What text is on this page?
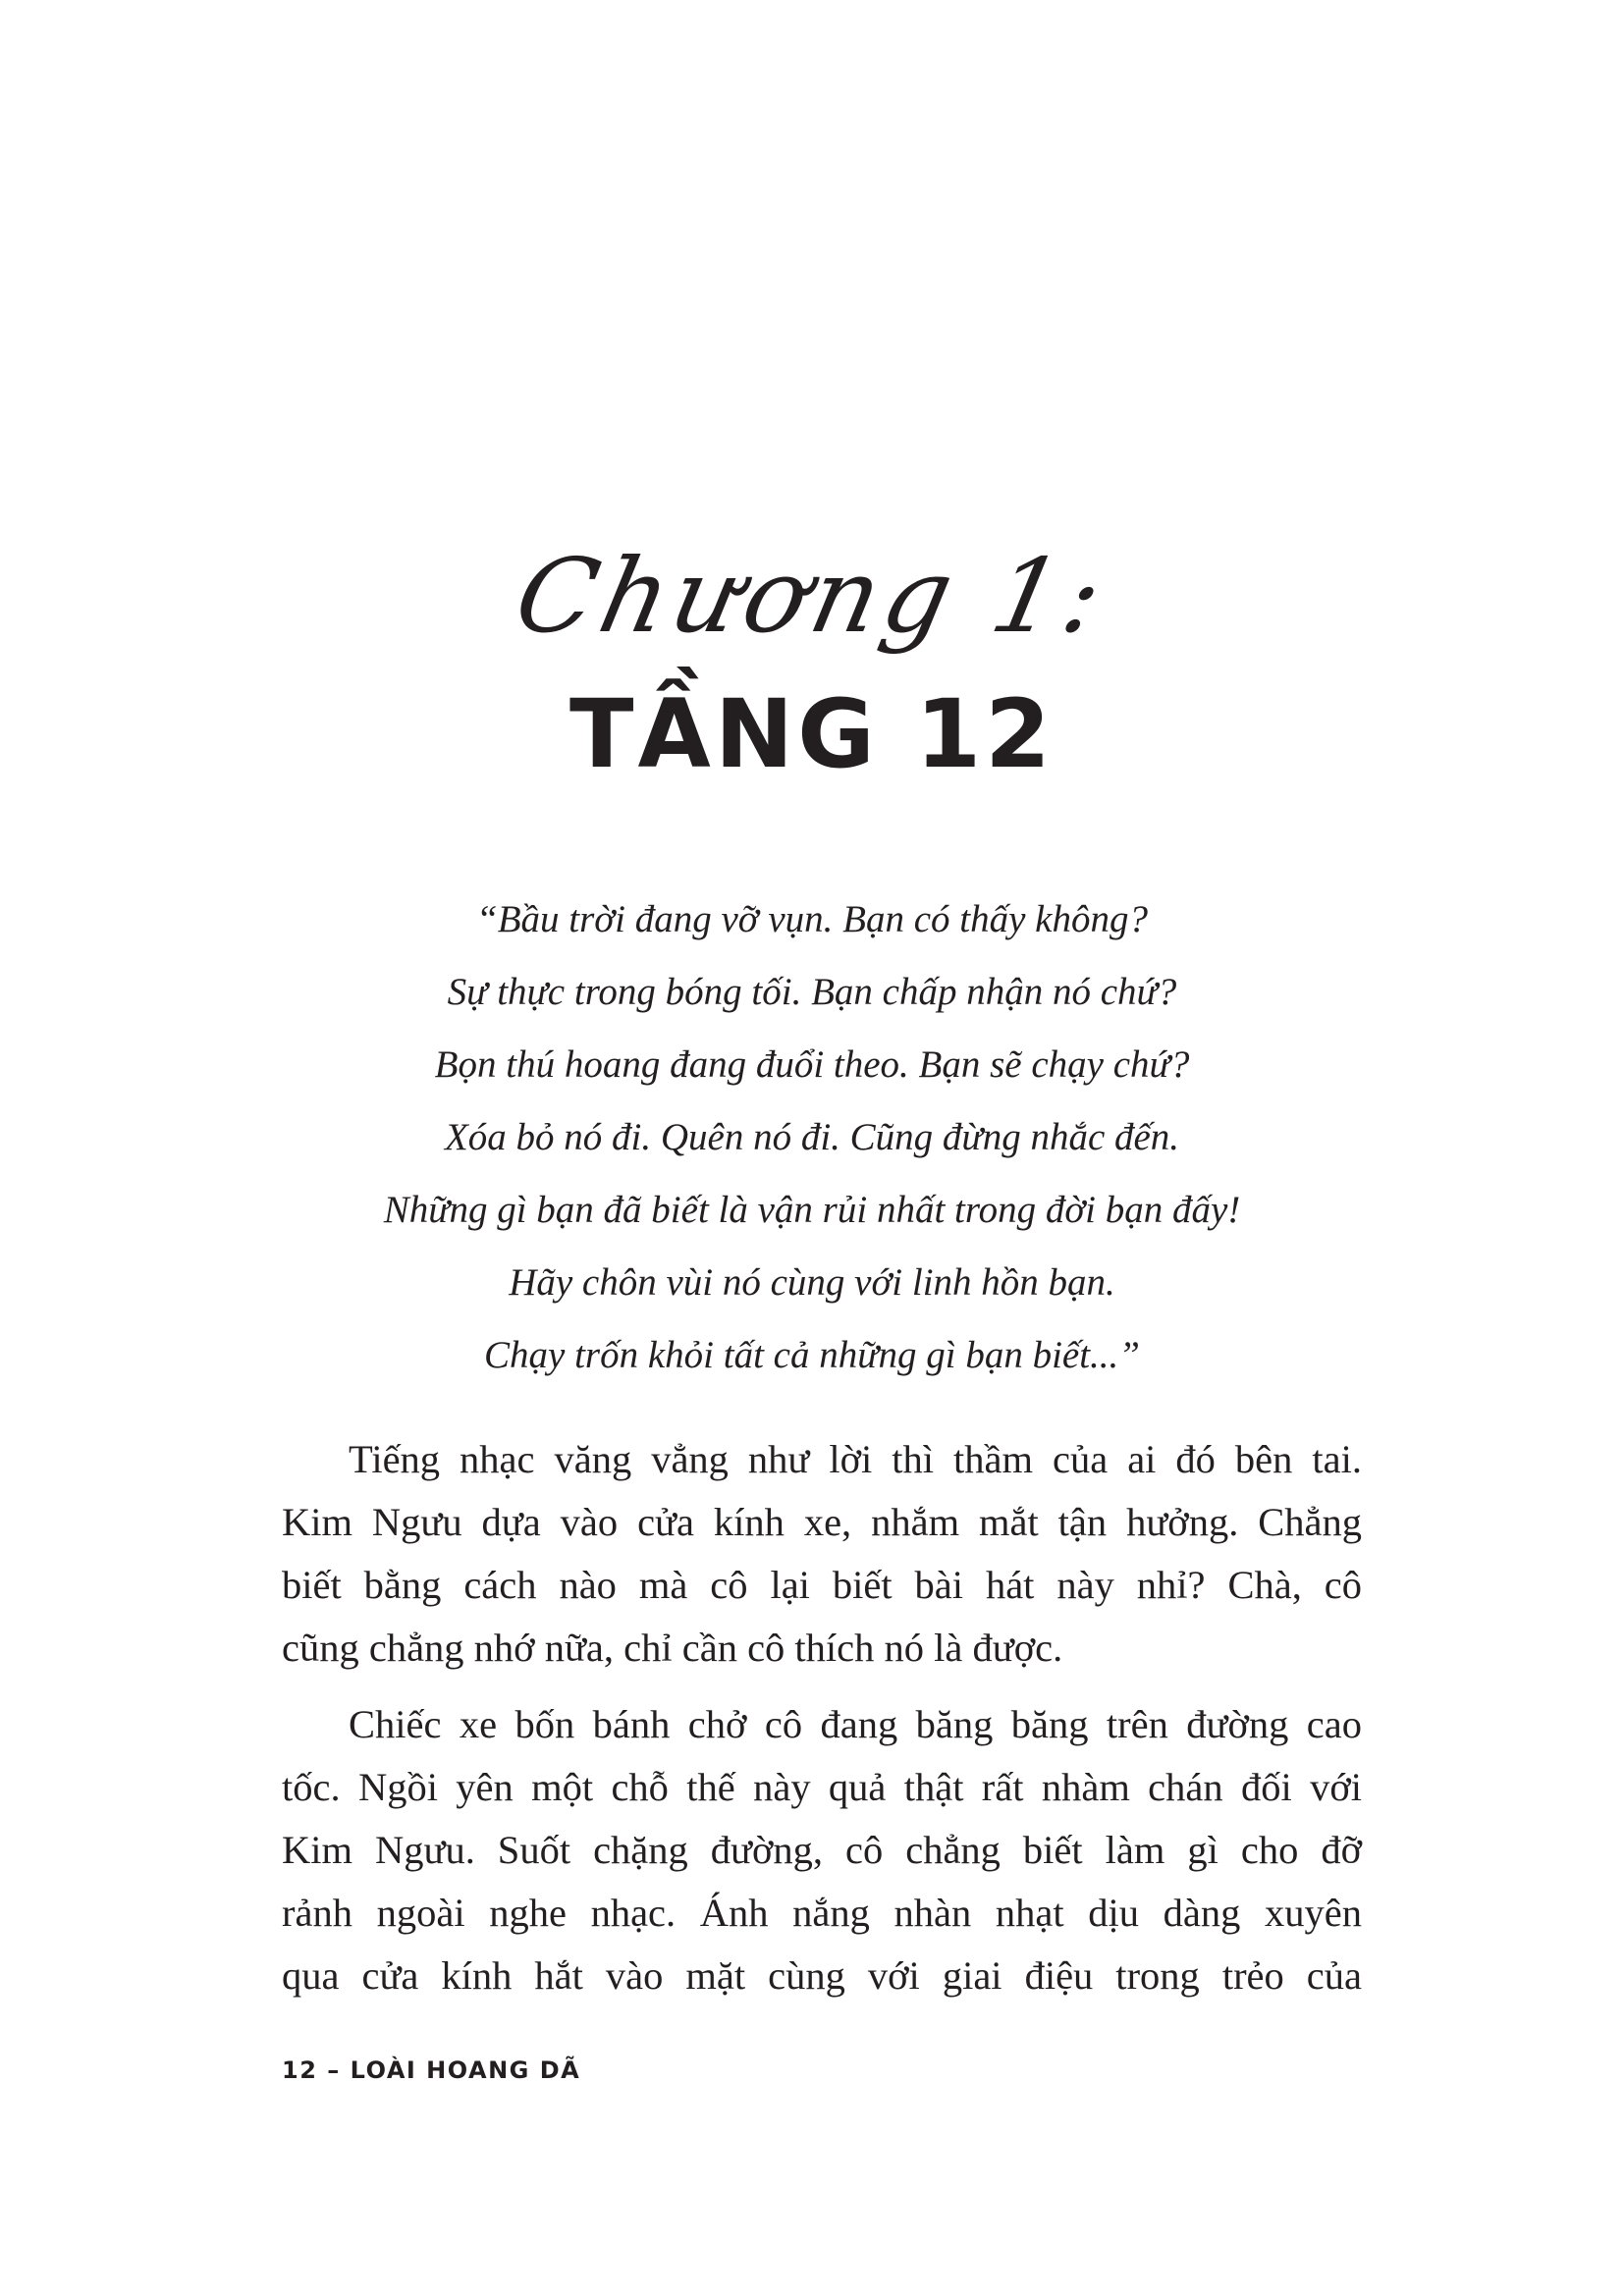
Chương 1:
TẦNG 12
“Bầu trời đang vỡ vụn. Bạn có thấy không?
Sự thực trong bóng tối. Bạn chấp nhận nó chứ?
Bọn thú hoang đang đuổi theo. Bạn sẽ chạy chứ?
Xóa bỏ nó đi. Quên nó đi. Cũng đừng nhắc đến.
Những gì bạn đã biết là vận rủi nhất trong đời bạn đấy!
Hãy chôn vùi nó cùng với linh hồn bạn.
Chạy trốn khỏi tất cả những gì bạn biết...”

Tiếng nhạc văng vẳng như lời thì thầm của ai đó bên tai.
Kim Ngưu dựa vào cửa kính xe, nhắm mắt tận hưởng. Chẳng
biết bằng cách nào mà cô lại biết bài hát này nhỉ? Chà, cô
cũng chẳng nhớ nữa, chỉ cần cô thích nó là được.

Chiếc xe bốn bánh chở cô đang băng băng trên đường cao
tốc. Ngồi yên một chỗ thế này quả thật rất nhàm chán đối với
Kim Ngưu. Suốt chặng đường, cô chẳng biết làm gì cho đỡ
rảnh ngoài nghe nhạc. Ánh nắng nhàn nhạt dịu dàng xuyên
qua cửa kính hắt vào mặt cùng với giai điệu trong trẻo của

12 – LOÀI HOANG DÃ
